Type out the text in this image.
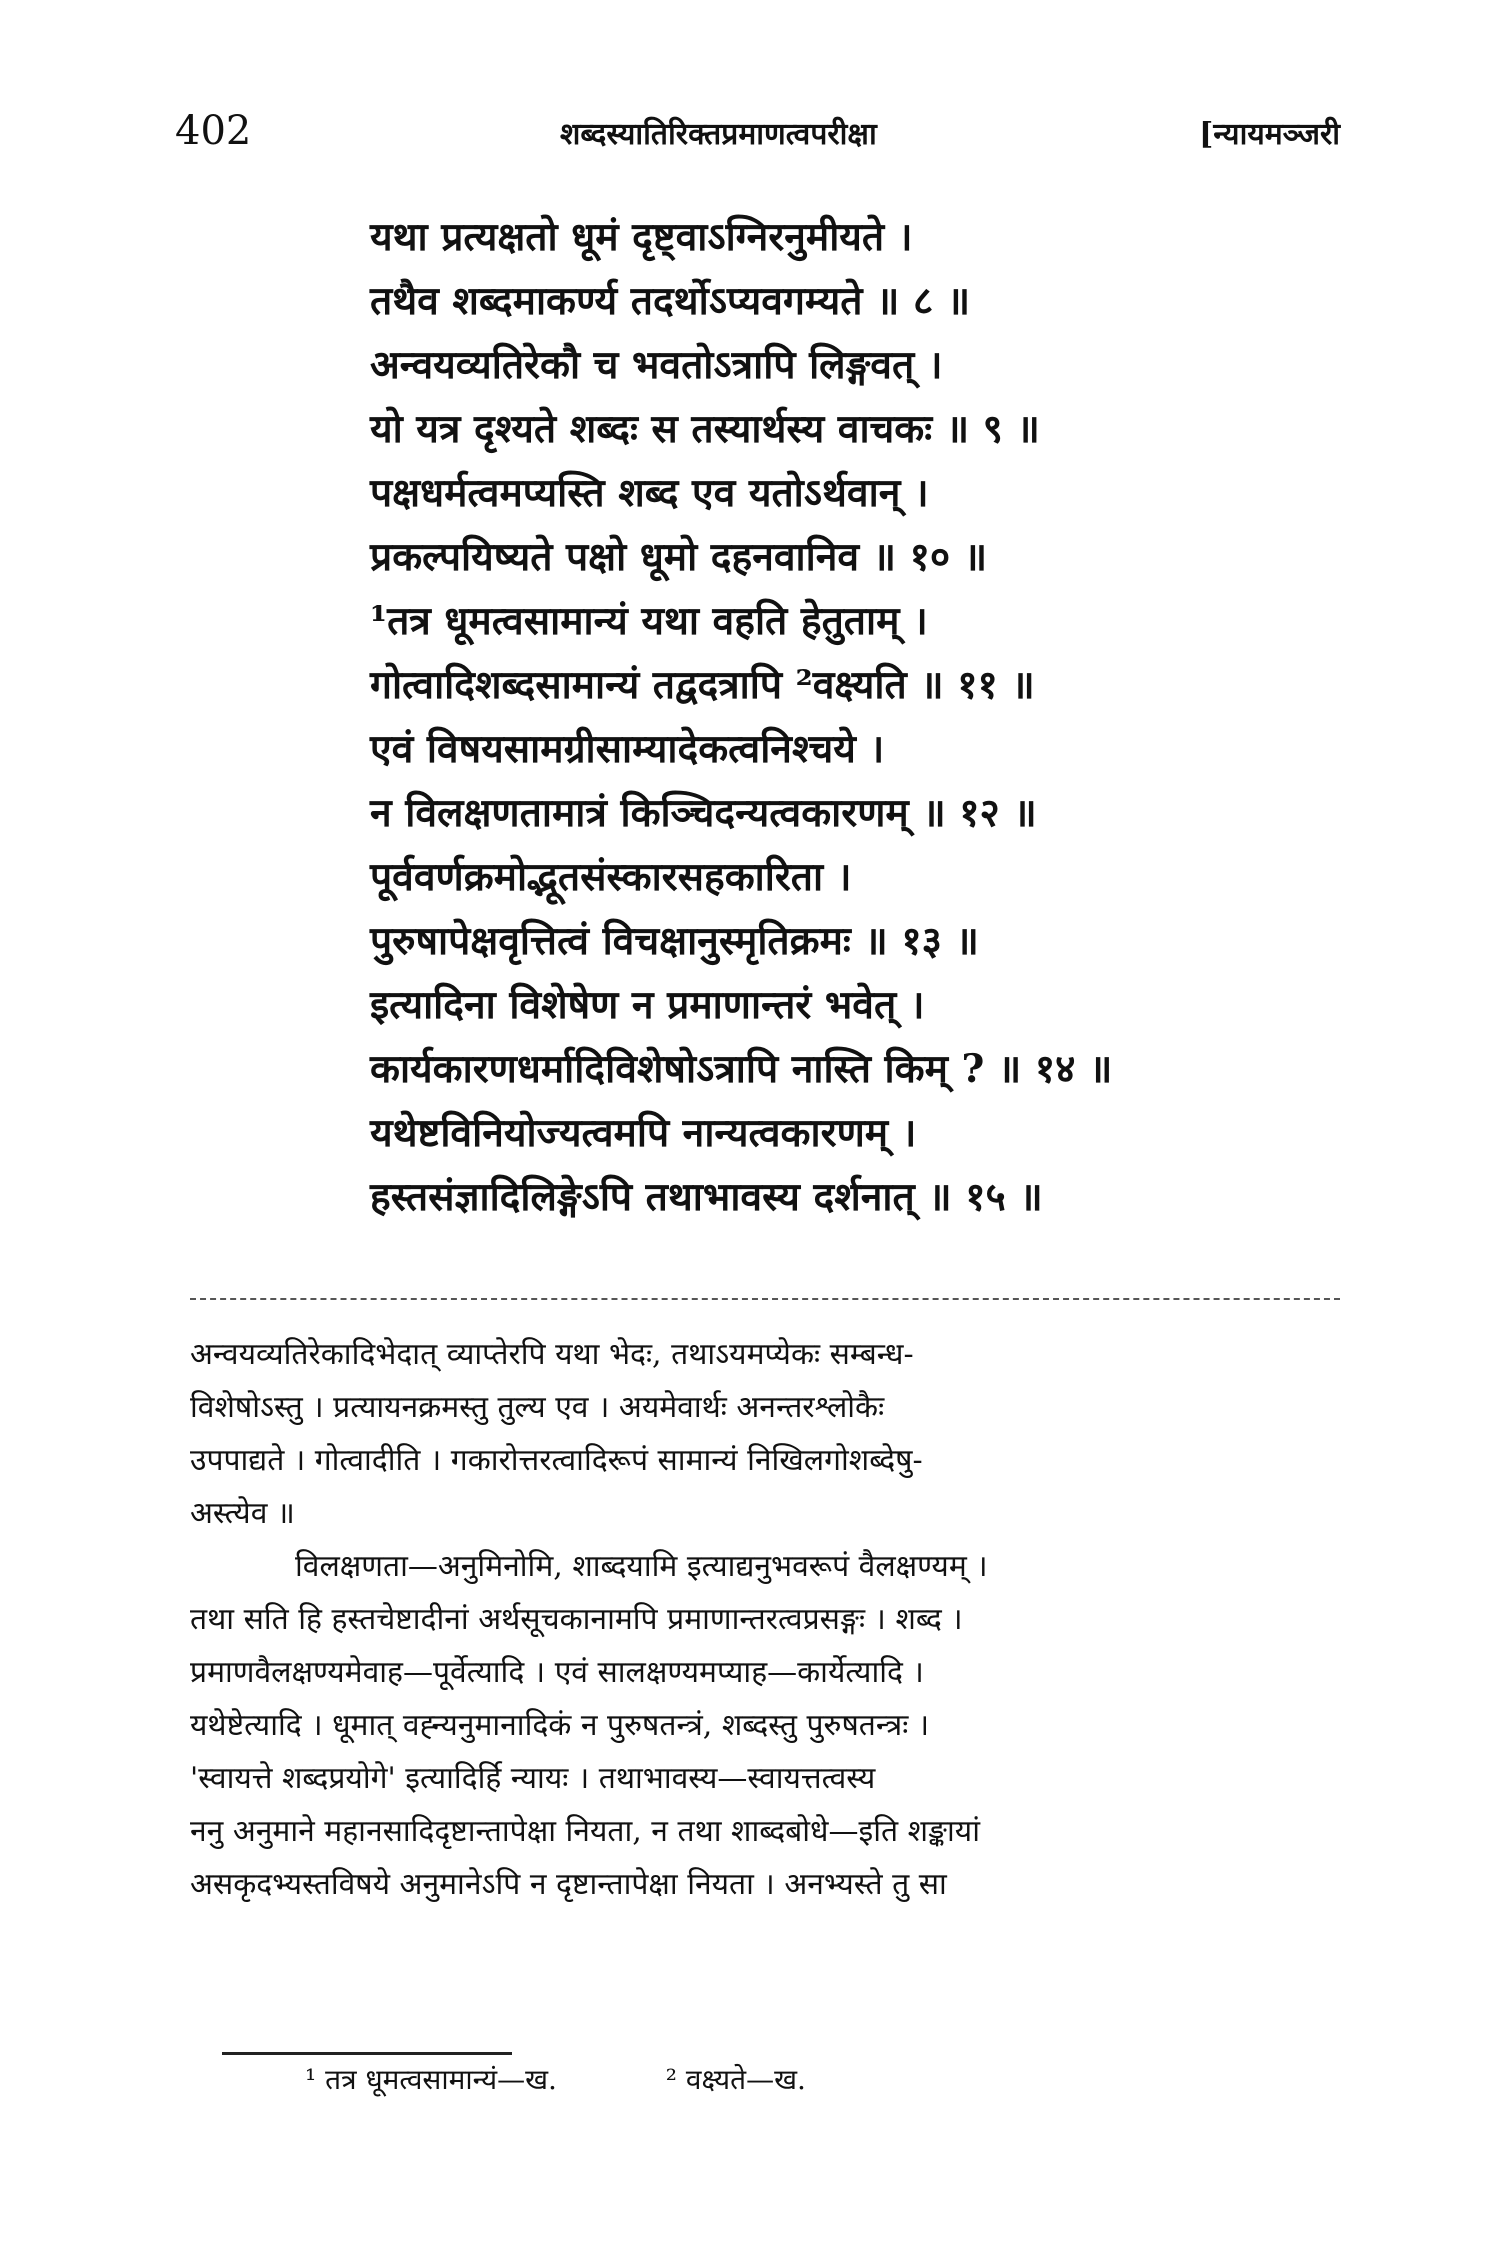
402	शब्दस्यातिरिक्तप्रमाणत्वपरीक्षा	[न्यायमञ्जरी
यथा प्रत्यक्षतो धूमं दृष्ट्वाऽग्निरनुमीयते ।
तथैव शब्दमाकर्ण्य तदर्थोऽप्यवगम्यते ॥ ८ ॥
अन्वयव्यतिरेकौ च भवतोऽत्रापि लिङ्गवत् ।
यो यत्र दृश्यते शब्दः स तस्यार्थस्य वाचकः ॥ ९ ॥
पक्षधर्मत्वमप्यस्ति शब्द एव यतोऽर्थवान् ।
प्रकल्पयिष्यते पक्षो धूमो दहनवानिव ॥ १० ॥
¹तत्र धूमत्वसामान्यं यथा वहति हेतुताम् ।
गोत्वादिशब्दसामान्यं तद्वदत्रापि ²वक्ष्यति ॥ ११ ॥
एवं विषयसामग्रीसाम्यादेकत्वनिश्चये ।
न विलक्षणतामात्रं किञ्चिदन्यत्वकारणम् ॥ १२ ॥
पूर्ववर्णक्रमोद्भूतसंस्कारसहकारिता ।
पुरुषापेक्षवृत्तित्वं विचक्षानुस्मृतिक्रमः ॥ १३ ॥
इत्यादिना विशेषेण न प्रमाणान्तरं भवेत् ।
कार्यकारणधर्मादिविशेषोऽत्रापि नास्ति किम् ? ॥ १४ ॥
यथेष्टविनियोज्यत्वमपि नान्यत्वकारणम् ।
हस्तसंज्ञादिलिङ्गेऽपि तथाभावस्य दर्शनात् ॥ १५ ॥
अन्वयव्यतिरेकादिभेदात् व्याप्तेरपि यथा भेदः, तथाऽयमप्येकः सम्बन्ध-
विशेषोऽस्तु । प्रत्यायनक्रमस्तु तुल्य एव । अयमेवार्थः अनन्तरश्लोकैः
उपपाद्यते । गोत्वादीति । गकारोत्तरत्वादिरूपं सामान्यं निखिलगोशब्देषु-
अस्त्येव ॥
विलक्षणता—अनुमिनोमि, शाब्दयामि इत्याद्यनुभवरूपं वैलक्षण्यम् ।
तथा सति हि हस्तचेष्टादीनां अर्थसूचकानामपि प्रमाणान्तरत्वप्रसङ्गः । शब्द ।
प्रमाणवैलक्षण्यमेवाह—पूर्वेत्यादि । एवं सालक्षण्यमप्याह—कार्येत्यादि ।
यथेष्टेत्यादि । धूमात् वह्न्यनुमानादिकं न पुरुषतन्त्रं, शब्दस्तु पुरुषतन्त्रः ।
'स्वायत्ते शब्दप्रयोगे' इत्यादिर्हि न्यायः । तथाभावस्य—स्वायत्तत्वस्य
ननु अनुमाने महानसादिदृष्टान्तापेक्षा नियता, न तथा शाब्दबोधे—इति शङ्कायां
असकृदभ्यस्तविषये अनुमानेऽपि न दृष्टान्तापेक्षा नियता । अनभ्यस्ते तु सा
¹ तत्र धूमत्वसामान्यं—ख.	² वक्ष्यते—ख.
